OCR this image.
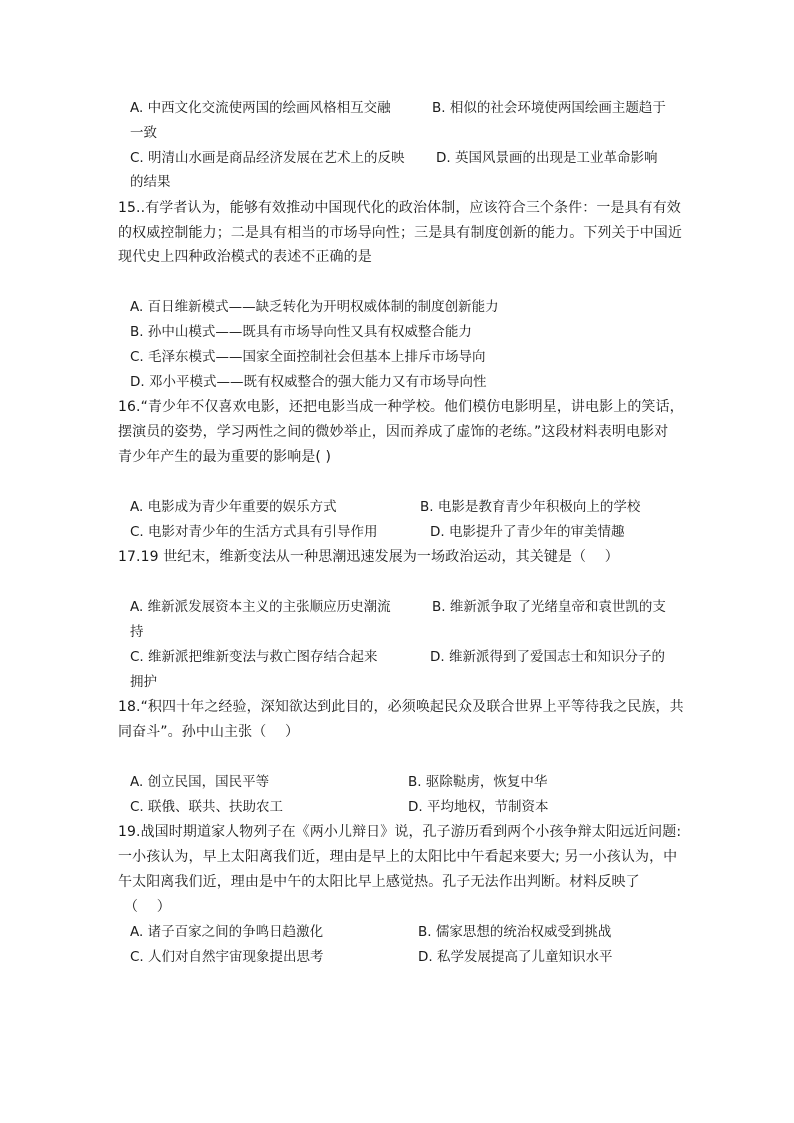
A. 中西文化交流使两国的绘画风格相互交融	B. 相似的社会环境使两国绘画主题趋于
一致
C. 明清山水画是商品经济发展在艺术上的反映 D. 英国风景画的出现是工业革命影响
的结果
15..有学者认为，能够有效推动中国现代化的政治体制，应该符合三个条件：一是具有有效
的权威控制能力；二是具有相当的市场导向性；三是具有制度创新的能力。下列关于中国近
现代史上四种政治模式的表述不正确的是
A. 百日维新模式——缺乏转化为开明权威体制的制度创新能力
B. 孙中山模式——既具有市场导向性又具有权威整合能力
C. 毛泽东模式——国家全面控制社会但基本上排斥市场导向
D. 邓小平模式——既有权威整合的强大能力又有市场导向性
16.“青少年不仅喜欢电影，还把电影当成一种学校。他们模仿电影明星，讲电影上的笑话，
摆演员的姿势，学习两性之间的微妙举止，因而养成了虚饰的老练。”这段材料表明电影对
青少年产生的最为重要的影响是( )
A. 电影成为青少年重要的娱乐方式	B. 电影是教育青少年积极向上的学校
C. 电影对青少年的生活方式具有引导作用	D. 电影提升了青少年的审美情趣
17.19 世纪末，维新变法从一种思潮迅速发展为一场政治运动，其关键是（　 ）
A. 维新派发展资本主义的主张顺应历史潮流	B. 维新派争取了光绪皇帝和袁世凯的支
持
C. 维新派把维新变法与救亡图存结合起来	D. 维新派得到了爱国志士和知识分子的
拥护
18.“积四十年之经验，深知欲达到此目的，必须唤起民众及联合世界上平等待我之民族，共
同奋斗”。孙中山主张（　 ）
A. 创立民国，国民平等	B. 驱除鞑虏，恢复中华
C. 联俄、联共、扶助农工	D. 平均地权，节制资本
19.战国时期道家人物列子在《两小儿辩日》说，孔子游历看到两个小孩争辩太阳远近问题:
一小孩认为，早上太阳离我们近，理由是早上的太阳比中午看起来要大; 另一小孩认为，中
午太阳离我们近，理由是中午的太阳比早上感觉热。孔子无法作出判断。材料反映了
（　 ）
A. 诸子百家之间的争鸣日趋激化	B. 儒家思想的统治权威受到挑战
C. 人们对自然宇宙现象提出思考	D. 私学发展提高了儿童知识水平
